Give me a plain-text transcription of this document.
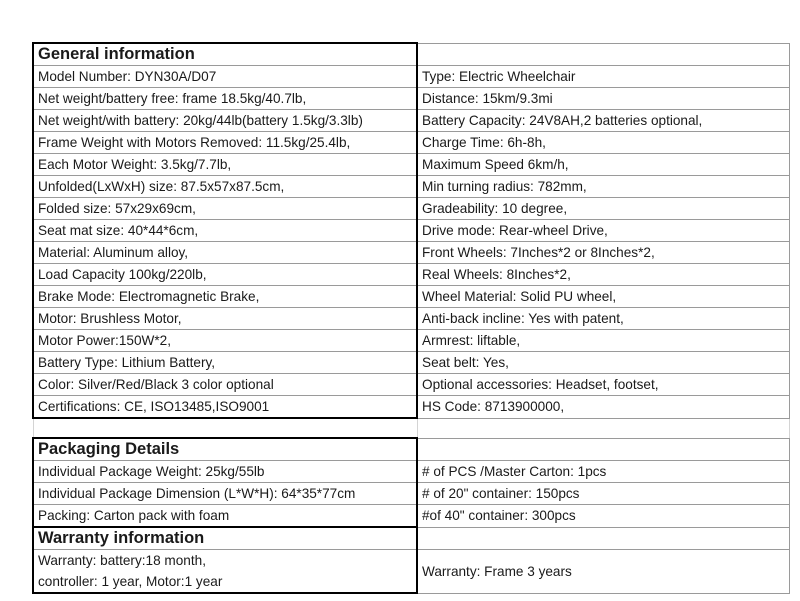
General information	
Model Number: DYN30A/D07	Type: Electric Wheelchair
Net weight/battery free: frame 18.5kg/40.7lb,	Distance: 15km/9.3mi
Net weight/with battery: 20kg/44lb(battery 1.5kg/3.3lb)	Battery Capacity: 24V8AH,2 batteries optional,
Frame Weight with Motors Removed: 11.5kg/25.4lb,	Charge Time: 6h-8h,
Each Motor Weight: 3.5kg/7.7lb,	Maximum Speed 6km/h,
Unfolded(LxWxH) size: 87.5x57x87.5cm,	Min turning radius: 782mm,
Folded size: 57x29x69cm,	Gradeability: 10 degree,
Seat mat size: 40*44*6cm,	Drive mode: Rear-wheel Drive,
Material: Aluminum alloy,	Front Wheels: 7Inches*2 or 8Inches*2,
Load Capacity 100kg/220lb,	Real Wheels: 8Inches*2,
Brake Mode: Electromagnetic Brake,	Wheel Material: Solid PU wheel,
Motor: Brushless Motor,	Anti-back incline: Yes with patent,
Motor Power:150W*2,	Armrest: liftable,
Battery Type: Lithium Battery,	Seat belt: Yes,
Color: Silver/Red/Black 3 color optional	Optional accessories: Headset, footset,
Certifications: CE, ISO13485,ISO9001	HS Code: 8713900000,

Packaging Details	
Individual Package Weight: 25kg/55lb	# of PCS /Master Carton: 1pcs
Individual Package Dimension (L*W*H): 64*35*77cm	# of 20" container: 150pcs
Packing: Carton pack with foam	#of 40" container: 300pcs
Warranty information	

Warranty: battery:18 month,
controller: 1 year, Motor:1 year	Warranty: Frame 3 years
